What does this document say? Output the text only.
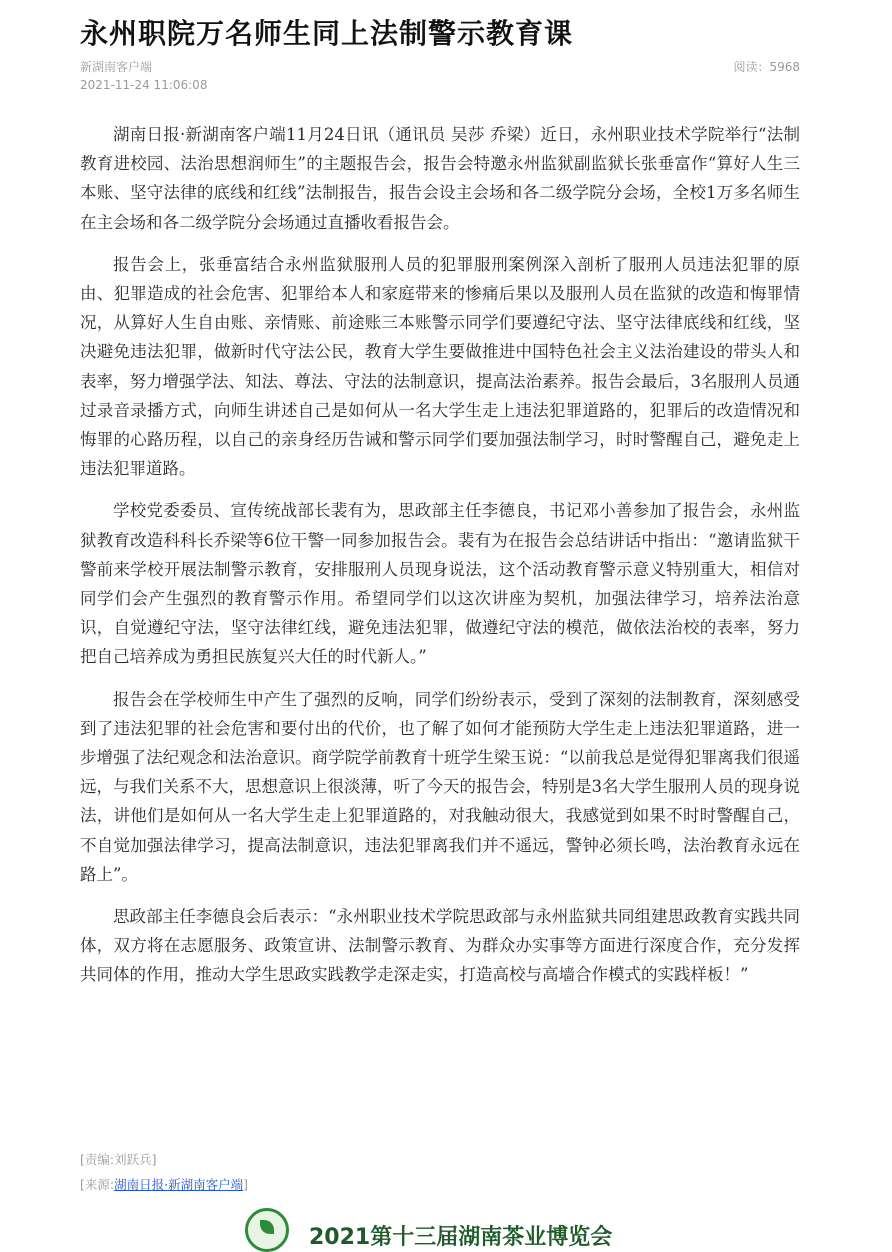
永州职院万名师生同上法制警示教育课
新湖南客户端
2021-11-24 11:06:08
阅读：5968

湖南日报·新湖南客户端11月24日讯（通讯员 吴莎 乔梁）近日，永州职业技术学院举行“法制教育进校园、法治思想润师生”的主题报告会，报告会特邀永州监狱副监狱长张垂富作“算好人生三本账、坚守法律的底线和红线”法制报告，报告会设主会场和各二级学院分会场，全校1万多名师生在主会场和各二级学院分会场通过直播收看报告会。

报告会上，张垂富结合永州监狱服刑人员的犯罪服刑案例深入剖析了服刑人员违法犯罪的原由、犯罪造成的社会危害、犯罪给本人和家庭带来的惨痛后果以及服刑人员在监狱的改造和悔罪情况，从算好人生自由账、亲情账、前途账三本账警示同学们要遵纪守法、坚守法律底线和红线，坚决避免违法犯罪，做新时代守法公民，教育大学生要做推进中国特色社会主义法治建设的带头人和表率，努力增强学法、知法、尊法、守法的法制意识，提高法治素养。报告会最后，3名服刑人员通过录音录播方式，向师生讲述自己是如何从一名大学生走上违法犯罪道路的，犯罪后的改造情况和悔罪的心路历程，以自己的亲身经历告诫和警示同学们要加强法制学习，时时警醒自己，避免走上违法犯罪道路。

学校党委委员、宣传统战部长裴有为，思政部主任李德良，书记邓小善参加了报告会，永州监狱教育改造科科长乔梁等6位干警一同参加报告会。裴有为在报告会总结讲话中指出：“邀请监狱干警前来学校开展法制警示教育，安排服刑人员现身说法，这个活动教育警示意义特别重大，相信对同学们会产生强烈的教育警示作用。希望同学们以这次讲座为契机，加强法律学习，培养法治意识，自觉遵纪守法，坚守法律红线，避免违法犯罪，做遵纪守法的模范，做依法治校的表率，努力把自己培养成为勇担民族复兴大任的时代新人。”

报告会在学校师生中产生了强烈的反响，同学们纷纷表示，受到了深刻的法制教育，深刻感受到了违法犯罪的社会危害和要付出的代价，也了解了如何才能预防大学生走上违法犯罪道路，进一步增强了法纪观念和法治意识。商学院学前教育十班学生梁玉说：“以前我总是觉得犯罪离我们很遥远，与我们关系不大，思想意识上很淡薄，听了今天的报告会，特别是3名大学生服刑人员的现身说法，讲他们是如何从一名大学生走上犯罪道路的，对我触动很大，我感觉到如果不时时警醒自己，不自觉加强法律学习，提高法制意识，违法犯罪离我们并不遥远，警钟必须长鸣，法治教育永远在路上”。

思政部主任李德良会后表示：“永州职业技术学院思政部与永州监狱共同组建思政教育实践共同体，双方将在志愿服务、政策宣讲、法制警示教育、为群众办实事等方面进行深度合作，充分发挥共同体的作用，推动大学生思政实践教学走深走实，打造高校与高墙合作模式的实践样板！”

[责编:刘跃兵]
[来源:湖南日报·新湖南客户端]
2021第十三届湖南茶业博览会
